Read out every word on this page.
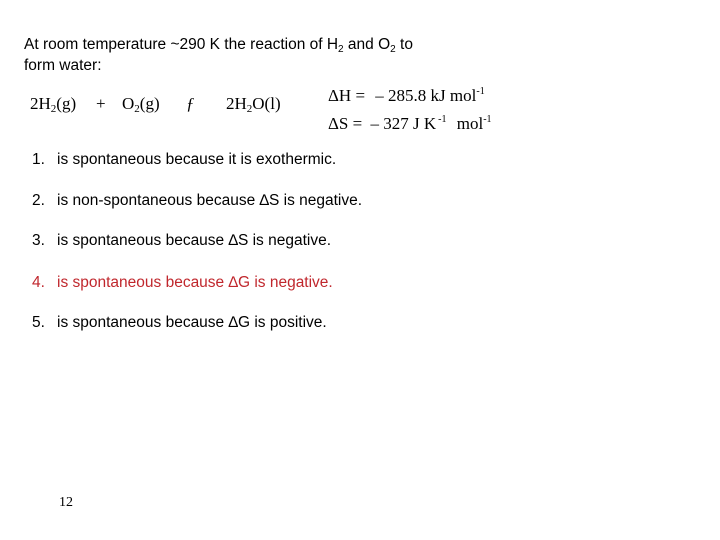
At room temperature ~290 K the reaction of $H_2$ and $O_2$ to
form water:
$2H_2(g) + O_2(g)$ ƒ $2H_2O(l)$	ΔH = – 285.8 kJ mol$^{-1}$
ΔS = – 327 J K $^{-1}$ mol$^{-1}$
1. is spontaneous because it is exothermic.
2. is non-spontaneous because ∆S is negative.
3. is spontaneous because ∆S is negative.
4. is spontaneous because ∆G is negative.
5. is spontaneous because ∆G is positive.
12
